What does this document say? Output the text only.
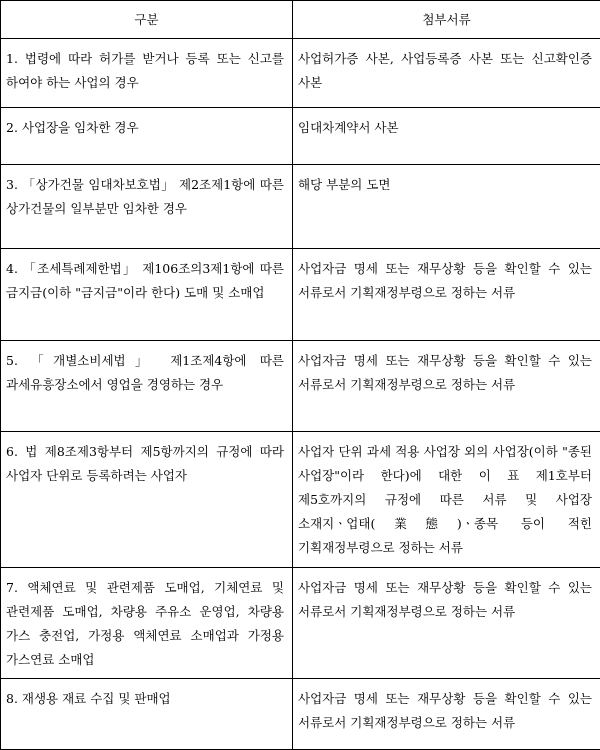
구분	첨부서류
1. 법령에 따라 허가를 받거나 등록 또는 신고를 하여야 하는 사업의 경우	사업허가증 사본, 사업등록증 사본 또는 신고확인증 사본
2. 사업장을 임차한 경우	임대차계약서 사본
3. 「상가건물 임대차보호법」 제2조제1항에 따른 상가건물의 일부분만 임차한 경우	해당 부분의 도면
4. 「조세특례제한법」 제106조의3제1항에 따른 금지금(이하 "금지금"이라 한다) 도매 및 소매업	사업자금 명세 또는 재무상황 등을 확인할 수 있는 서류로서 기획재정부령으로 정하는 서류
5. 「개별소비세법」 제1조제4항에 따른 과세유흥장소에서 영업을 경영하는 경우	사업자금 명세 또는 재무상황 등을 확인할 수 있는 서류로서 기획재정부령으로 정하는 서류
6. 법 제8조제3항부터 제5항까지의 규정에 따라 사업자 단위로 등록하려는 사업자	사업자 단위 과세 적용 사업장 외의 사업장(이하 "종된 사업장"이라 한다)에 대한 이 표 제1호부터 제5호까지의 규정에 따른 서류 및 사업장 소재지ㆍ업태(業態)ㆍ종목 등이 적힌 기획재정부령으로 정하는 서류
7. 액체연료 및 관련제품 도매업, 기체연료 및 관련제품 도매업, 차량용 주유소 운영업, 차량용 가스 충전업, 가정용 액체연료 소매업과 가정용 가스연료 소매업	사업자금 명세 또는 재무상황 등을 확인할 수 있는 서류로서 기획재정부령으로 정하는 서류
8. 재생용 재료 수집 및 판매업	사업자금 명세 또는 재무상황 등을 확인할 수 있는 서류로서 기획재정부령으로 정하는 서류
